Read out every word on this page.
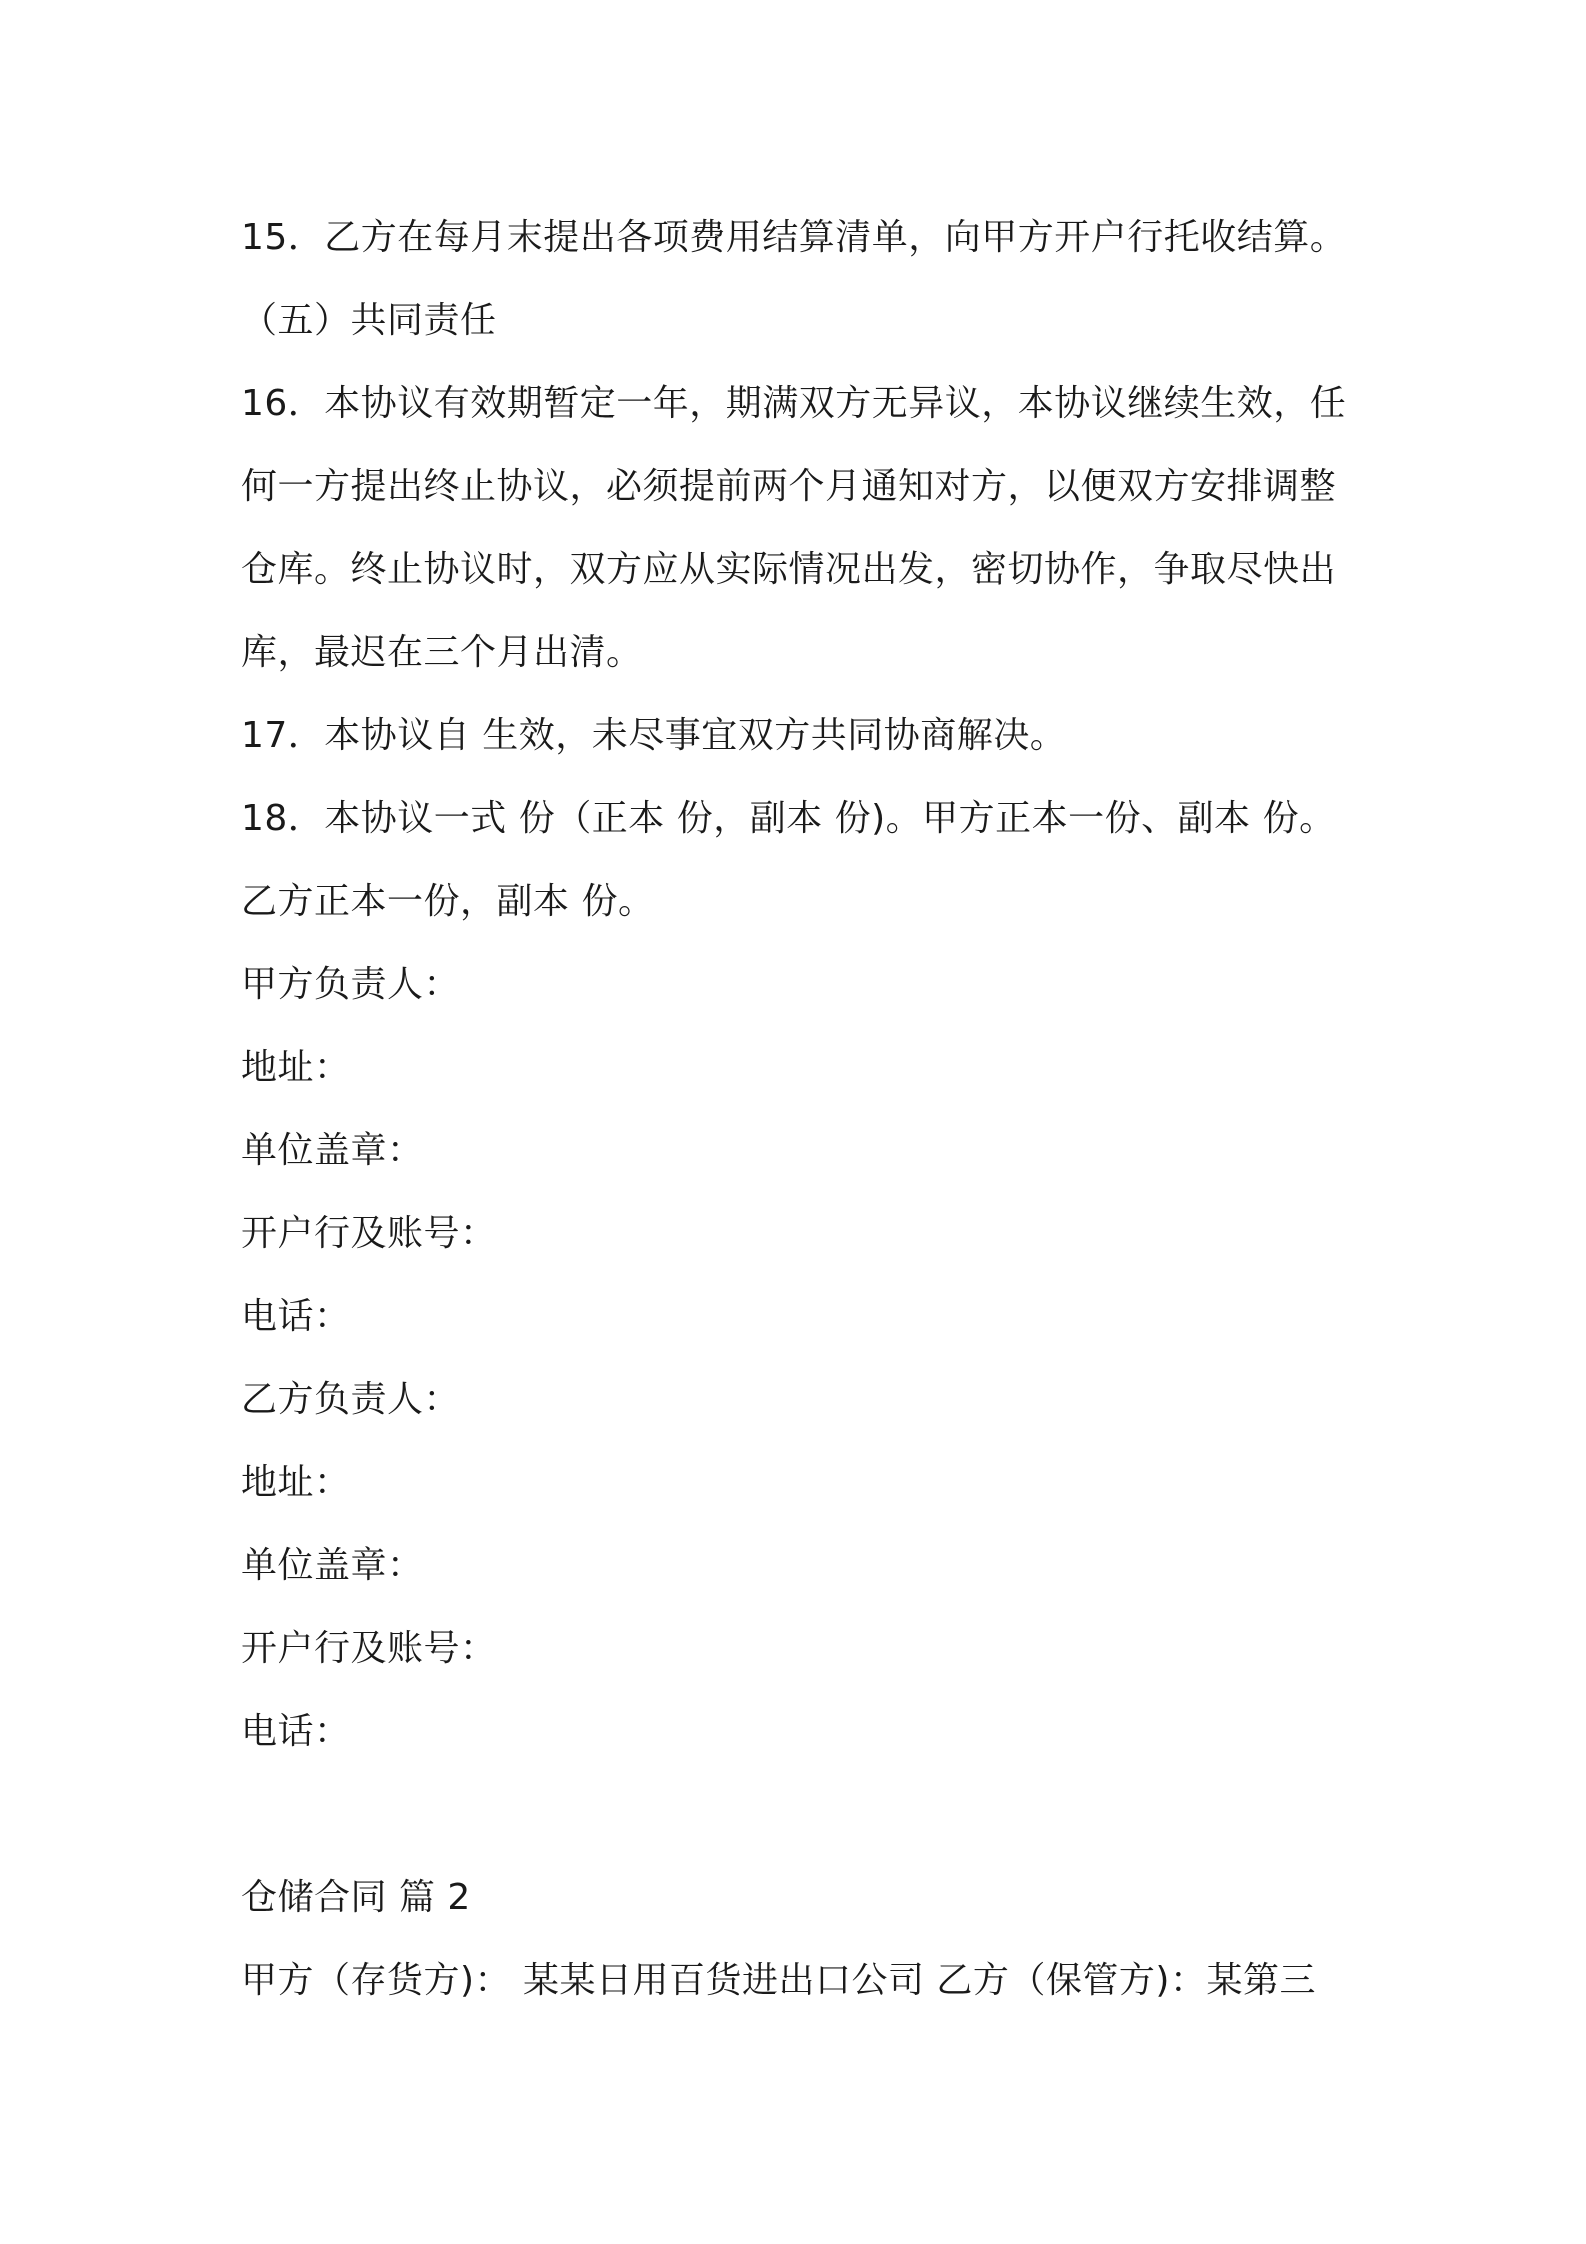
15．乙方在每月末提出各项费用结算清单，向甲方开户行托收结算。
（五）共同责任
16．本协议有效期暂定一年，期满双方无异议，本协议继续生效，任
何一方提出终止协议，必须提前两个月通知对方，以便双方安排调整
仓库。终止协议时，双方应从实际情况出发，密切协作，争取尽快出
库，最迟在三个月出清。
17．本协议自 生效，未尽事宜双方共同协商解决。
18．本协议一式 份（正本 份，副本 份)。甲方正本一份、副本 份。
乙方正本一份，副本 份。
甲方负责人：
地址：
单位盖章：
开户行及账号：
电话：
乙方负责人：
地址：
单位盖章：
开户行及账号：
电话：
仓储合同 篇 2
甲方（存货方)： 某某日用百货进出口公司 乙方（保管方)：某第三
